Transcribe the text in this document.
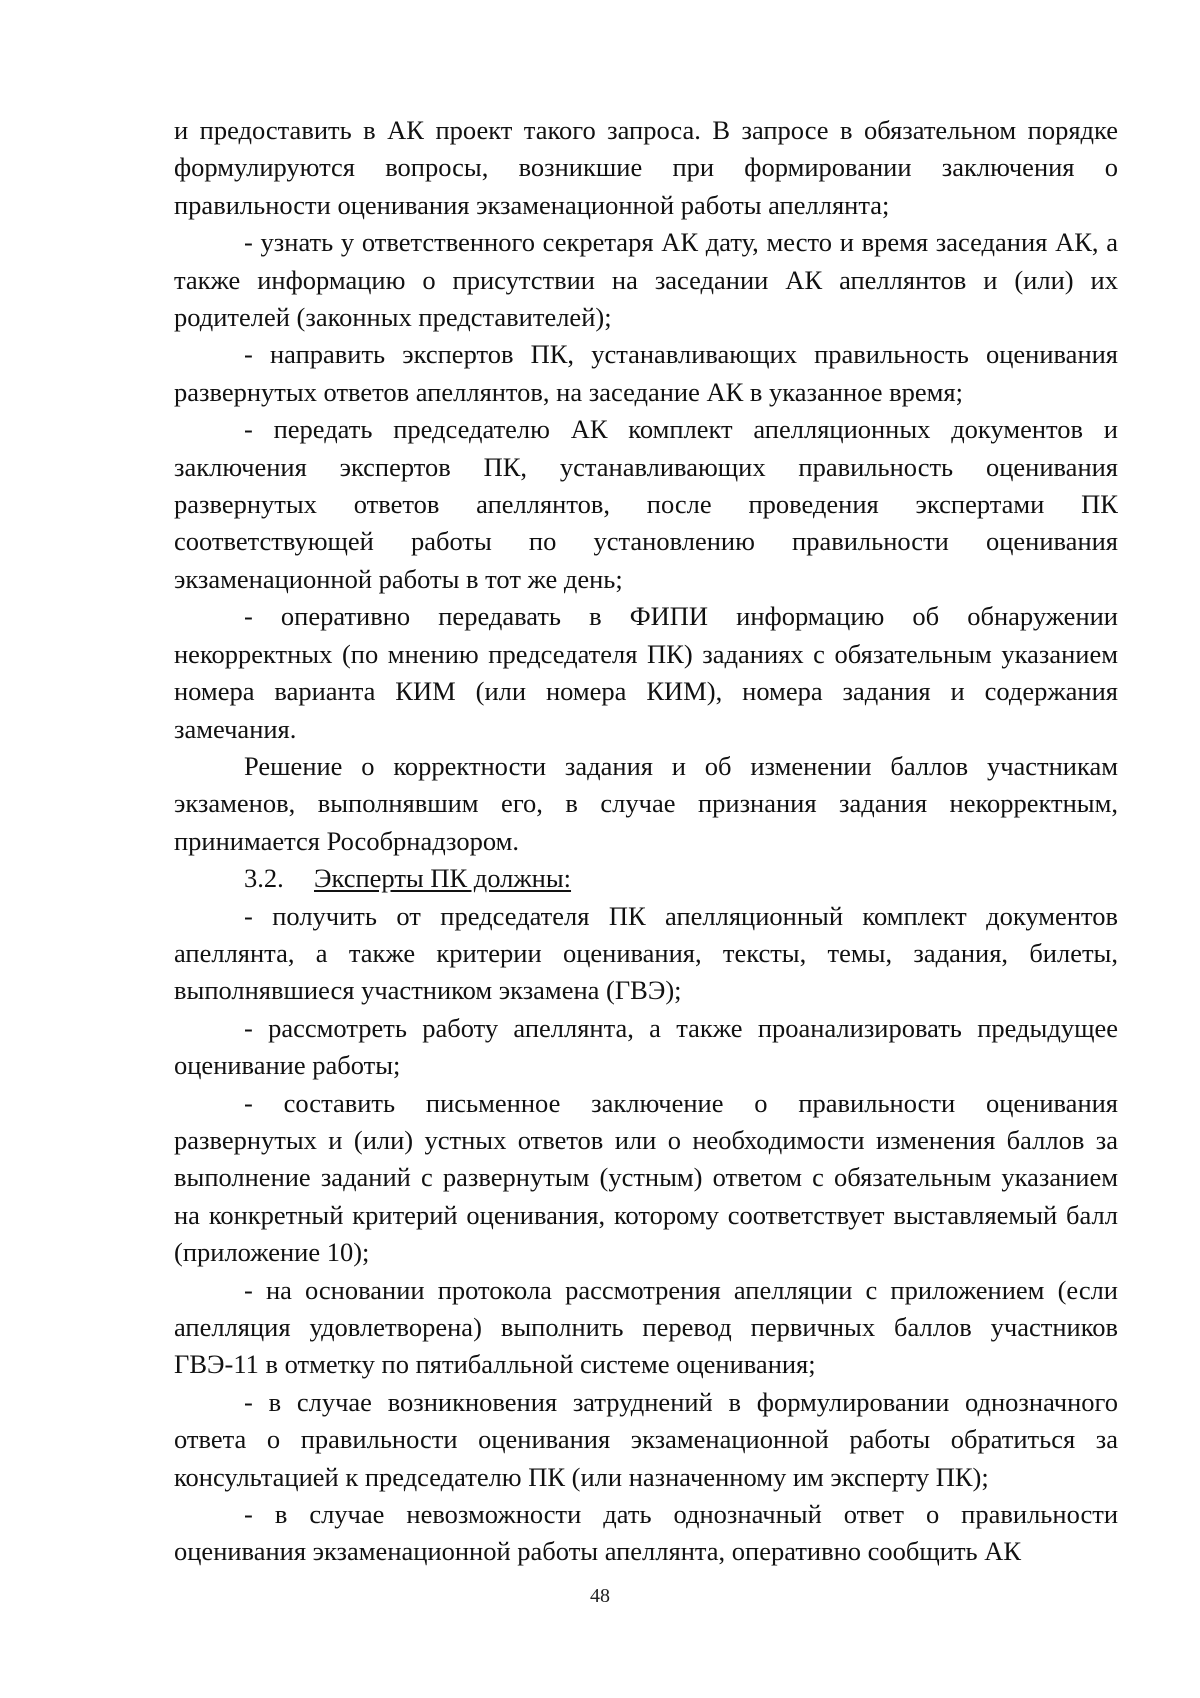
и предоставить в АК проект такого запроса. В запросе в обязательном порядке формулируются вопросы, возникшие при формировании заключения о правильности оценивания экзаменационной работы апеллянта;

- узнать у ответственного секретаря АК дату, место и время заседания АК, а также информацию о присутствии на заседании АК апеллянтов и (или) их родителей (законных представителей);

- направить экспертов ПК, устанавливающих правильность оценивания развернутых ответов апеллянтов, на заседание АК в указанное время;

- передать председателю АК комплект апелляционных документов и заключения экспертов ПК, устанавливающих правильность оценивания развернутых ответов апеллянтов, после проведения экспертами ПК соответствующей работы по установлению правильности оценивания экзаменационной работы в тот же день;

- оперативно передавать в ФИПИ информацию об обнаружении некорректных (по мнению председателя ПК) заданиях с обязательным указанием номера варианта КИМ (или номера КИМ), номера задания и содержания замечания.

Решение о корректности задания и об изменении баллов участникам экзаменов, выполнявшим его, в случае признания задания некорректным, принимается Рособрнадзором.

3.2. Эксперты ПК должны:

- получить от председателя ПК апелляционный комплект документов апеллянта, а также критерии оценивания, тексты, темы, задания, билеты, выполнявшиеся участником экзамена (ГВЭ);

- рассмотреть работу апеллянта, а также проанализировать предыдущее оценивание работы;

- составить письменное заключение о правильности оценивания развернутых и (или) устных ответов или о необходимости изменения баллов за выполнение заданий с развернутым (устным) ответом с обязательным указанием на конкретный критерий оценивания, которому соответствует выставляемый балл (приложение 10);

- на основании протокола рассмотрения апелляции с приложением (если апелляция удовлетворена) выполнить перевод первичных баллов участников ГВЭ-11 в отметку по пятибалльной системе оценивания;

- в случае возникновения затруднений в формулировании однозначного ответа о правильности оценивания экзаменационной работы обратиться за консультацией к председателю ПК (или назначенному им эксперту ПК);

- в случае невозможности дать однозначный ответ о правильности оценивания экзаменационной работы апеллянта, оперативно сообщить АК

48
